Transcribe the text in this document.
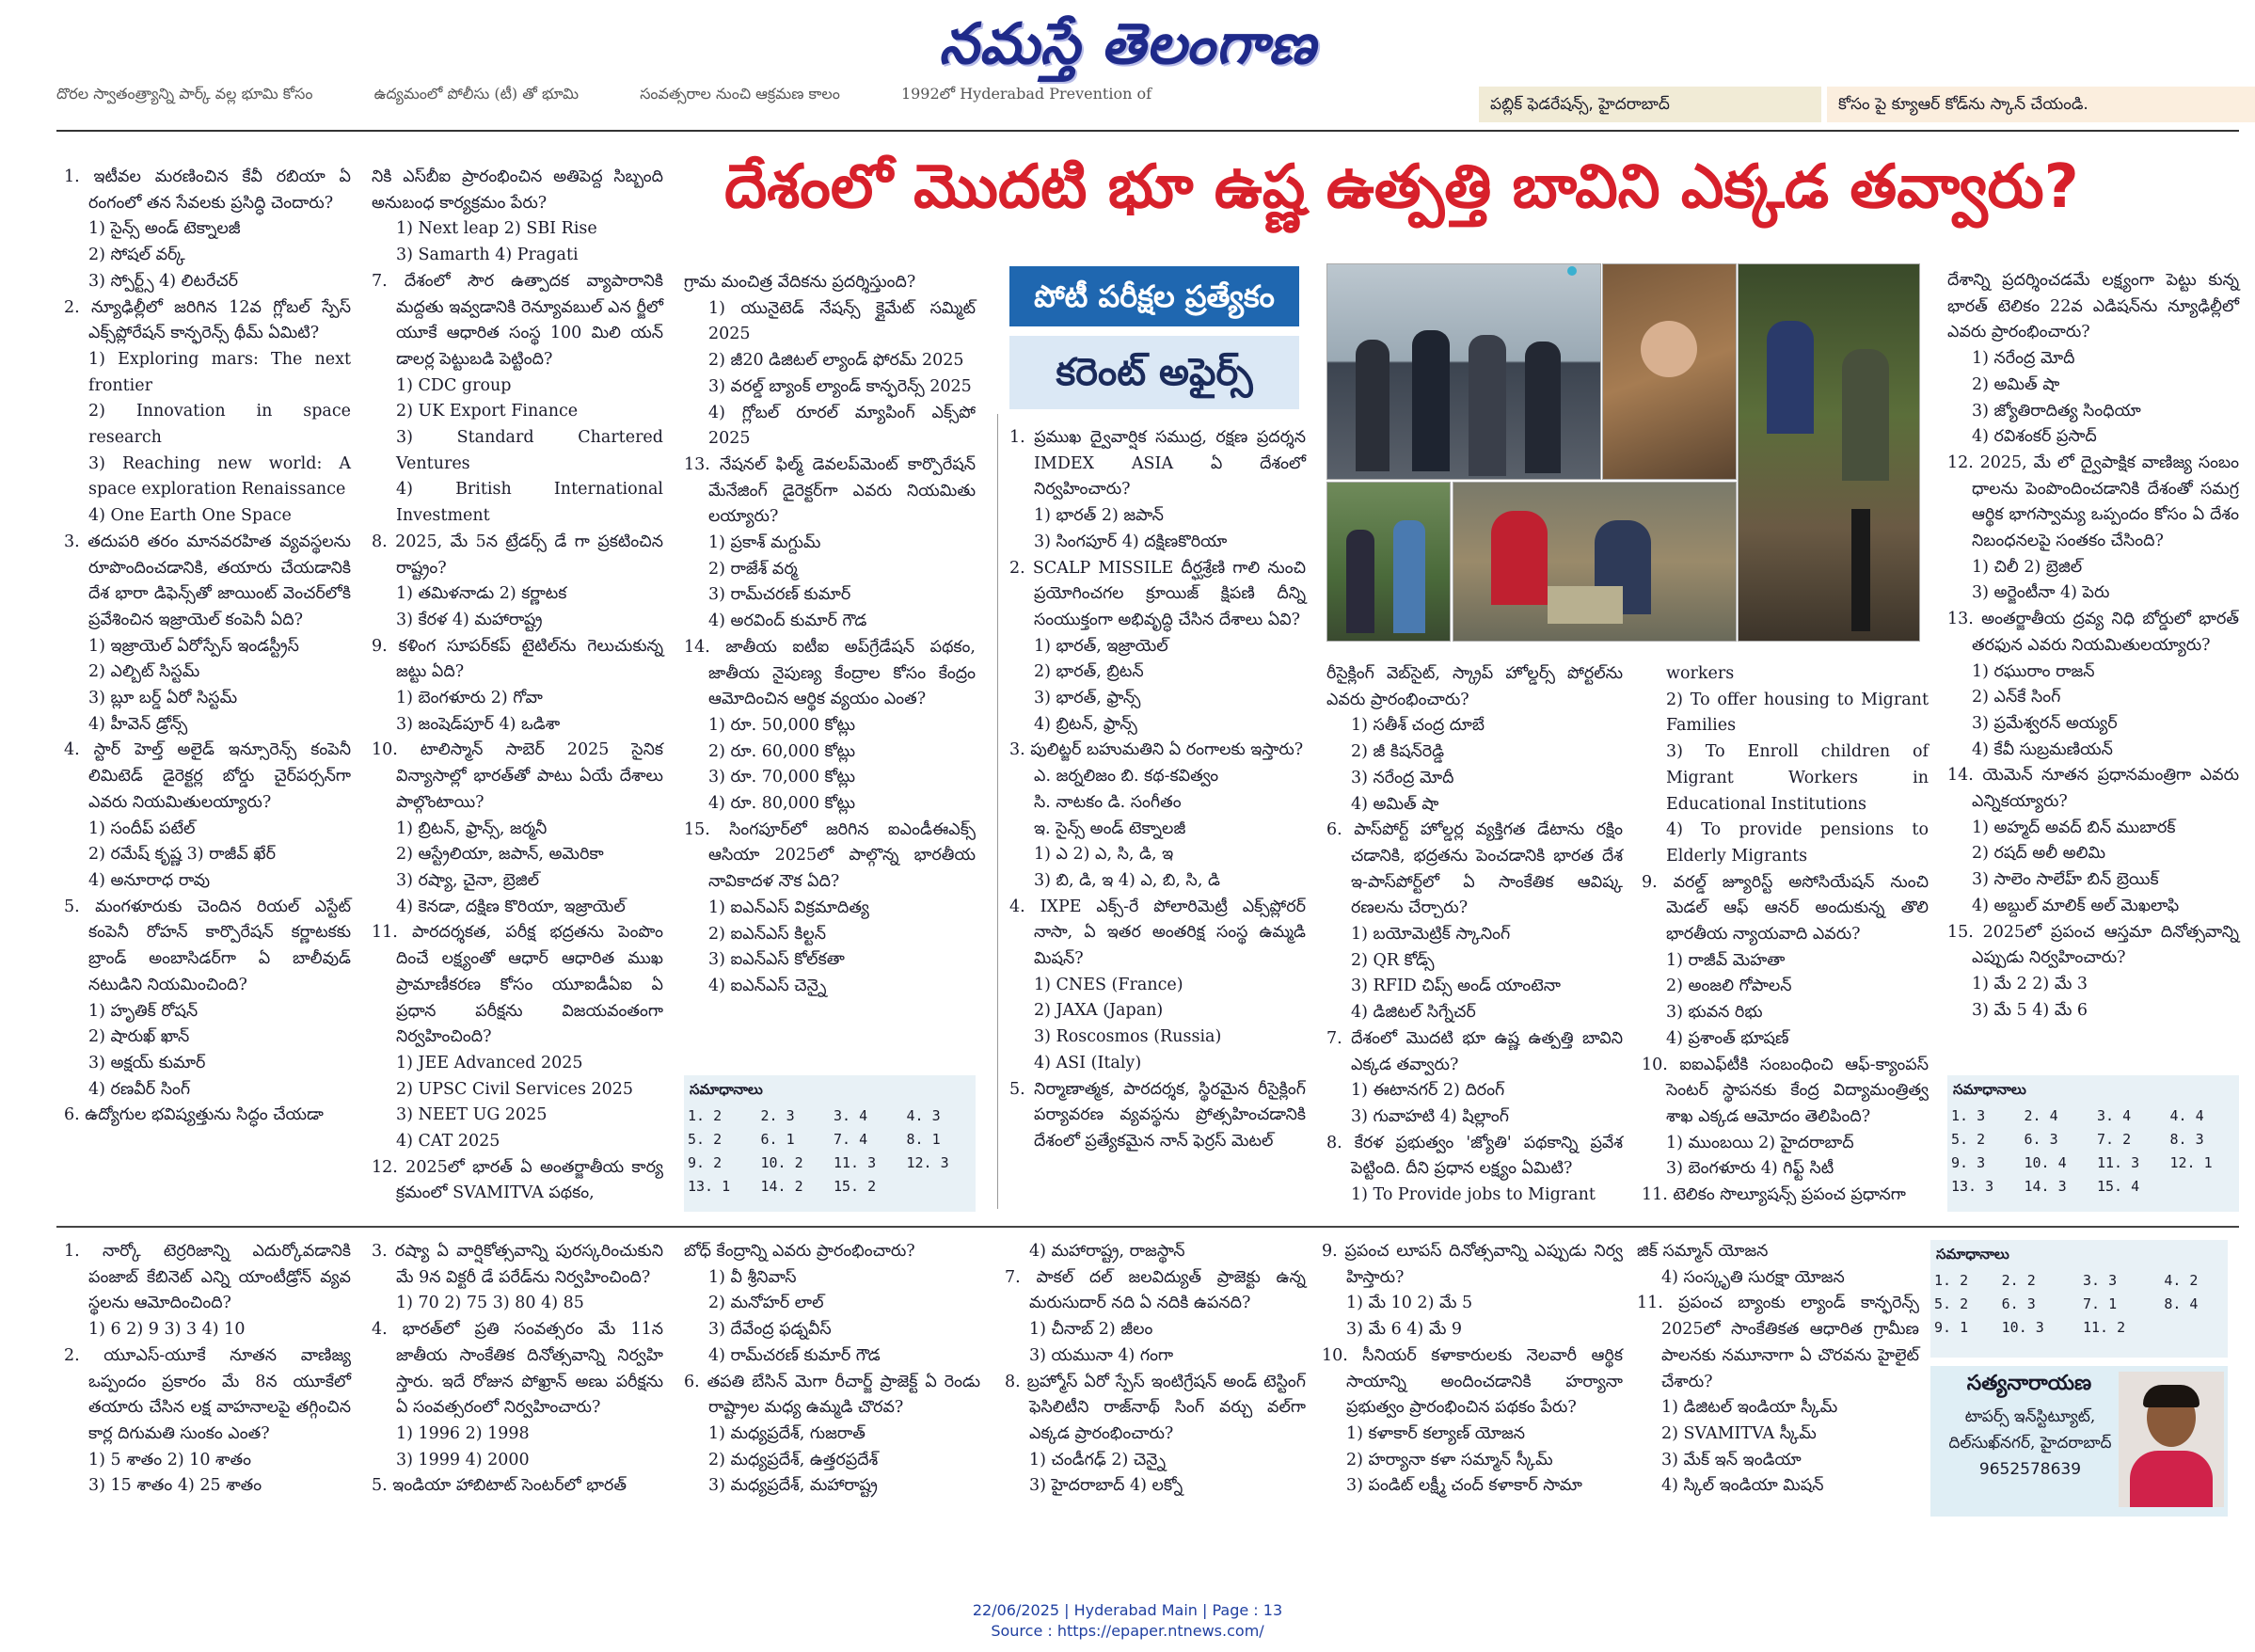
నమస్తే తెలంగాణ
దొరల స్వాతంత్ర్యాన్ని పార్క్ వల్ల భూమి కోసం	ఉద్యమంలో పోలీసు (టీ) తో భూమి	సంవత్సరాల నుంచి ఆక్రమణ కాలం	1992లో Hyderabad Prevention of
పబ్లిక్ ఫెడరేషన్స్, హైదరాబాద్	కోసం పై క్యూఆర్ కోడ్‌ను స్కాన్ చేయండి.
దేశంలో మొదటి భూ ఉష్ణ ఉత్పత్తి బావిని ఎక్కడ తవ్వారు?

1. ఇటీవల మరణించిన కేవీ రబియా ఏ రంగంలో తన సేవలకు ప్రసిద్ధి చెందారు?

1) సైన్స్ అండ్ టెక్నాలజీ

2) సోషల్ వర్క్

3) స్పోర్ట్స్ 4) లిటరేచర్

2. న్యూఢిల్లీలో జరిగిన 12వ గ్లోబల్ స్పేస్ ఎక్స్‌ప్లోరేషన్ కాన్ఫరెన్స్ థీమ్ ఏమిటి?

1) Exploring mars: The next frontier

2) Innovation in space research

3) Reaching new world: A space exploration Renaissance

4) One Earth One Space

3. తదుపరి తరం మానవరహిత వ్యవస్థలను రూపొందించడానికి, తయారు చేయడానికి దేశ భారా డిఫెన్స్‌తో జాయింట్ వెంచర్‌లోకి ప్రవేశించిన ఇజ్రాయెల్ కంపెనీ ఏది?

1) ఇజ్రాయెల్ ఏరోస్పేస్ ఇండస్ట్రీస్

2) ఎల్బిట్ సిస్టమ్

3) బ్లూ బర్డ్ ఏరో సిస్టమ్

4) హీవెన్ డ్రోన్స్

4. స్టార్ హెల్త్ అలైడ్ ఇన్సూరెన్స్ కంపెనీ లిమిటెడ్ డైరెక్టర్ల బోర్డు చైర్‌పర్సన్‌గా ఎవరు నియమితులయ్యారు?

1) సందీప్ పటేల్

2) రమేష్ కృష్ణ 3) రాజీవ్ ఖేర్

4) అనూరాధ రావు

5. మంగళూరుకు చెందిన రియల్ ఎస్టేట్ కంపెనీ రోహన్ కార్పొరేషన్ కర్ణాటకకు బ్రాండ్ అంబాసిడర్‌గా ఏ బాలీవుడ్ నటుడిని నియమించింది?

1) హృతిక్ రోషన్

2) షారుఖ్ ఖాన్

3) అక్షయ్ కుమార్

4) రణవీర్ సింగ్

6. ఉద్యోగుల భవిష్యత్తును సిద్ధం చేయడా

నికి ఎస్‌బీఐ ప్రారంభించిన అతిపెద్ద సిబ్బంది అనుబంధ కార్యక్రమం పేరు?

1) Next leap 2) SBI Rise

3) Samarth 4) Pragati

7. దేశంలో సౌర ఉత్పాదక వ్యాపారానికి మద్దతు ఇవ్వడానికి రెన్యూవబుల్ ఎన ర్జీలో యూకే ఆధారిత సంస్థ 100 మిలి యన్ డాలర్ల పెట్టుబడి పెట్టింది?

1) CDC group

2) UK Export Finance

3) Standard Chartered Ventures

4) British International Investment

8. 2025, మే 5న ట్రేడర్స్ డే గా ప్రకటించిన రాష్ట్రం?

1) తమిళనాడు 2) కర్ణాటక

3) కేరళ 4) మహారాష్ట్ర

9. కళింగ సూపర్‌కప్ టైటిల్‌ను గెలుచుకున్న జట్టు ఏది?

1) బెంగళూరు 2) గోవా

3) జంషెడ్‌పూర్ 4) ఒడిశా

10. టాలిస్మాన్ సాబెర్ 2025 సైనిక విన్యాసాల్లో భారత్‌తో పాటు ఏయే దేశాలు పాల్గొంటాయి?

1) బ్రిటన్, ఫ్రాన్స్, జర్మనీ

2) ఆస్ట్రేలియా, జపాన్, అమెరికా

3) రష్యా, చైనా, బ్రెజిల్

4) కెనడా, దక్షిణ కొరియా, ఇజ్రాయెల్

11. పారదర్శకత, పరీక్ష భద్రతను పెంపొం దించే లక్ష్యంతో ఆధార్ ఆధారిత ముఖ ప్రామాణీకరణ కోసం యూఐడీఏఐ ఏ ప్రధాన పరీక్షను విజయవంతంగా నిర్వహించింది?

1) JEE Advanced 2025

2) UPSC Civil Services 2025

3) NEET UG 2025

4) CAT 2025

12. 2025లో భారత్ ఏ అంతర్జాతీయ కార్య క్రమంలో SVAMITVA పథకం,

గ్రామ మంచిత్ర వేదికను ప్రదర్శిస్తుంది?

1) యునైటెడ్ నేషన్స్ క్లైమేట్ సమ్మిట్ 2025

2) జీ20 డిజిటల్ ల్యాండ్ ఫోరమ్ 2025

3) వరల్డ్ బ్యాంక్ ల్యాండ్ కాన్ఫరెన్స్ 2025

4) గ్లోబల్ రూరల్ మ్యాపింగ్ ఎక్స్‌పో 2025

13. నేషనల్ ఫిల్మ్ డెవలప్‌మెంట్ కార్పొరేషన్ మేనేజింగ్ డైరెక్టర్‌గా ఎవరు నియమితు లయ్యారు?

1) ప్రకాశ్ మగ్దుమ్

2) రాజేశ్ వర్మ

3) రామ్‌చరణ్ కుమార్

4) అరవింద్ కుమార్ గౌడ

14. జాతీయ ఐటీఐ అప్‌గ్రేడేషన్ పథకం, జాతీయ నైపుణ్య కేంద్రాల కోసం కేంద్రం ఆమోదించిన ఆర్థిక వ్యయం ఎంత?

1) రూ. 50,000 కోట్లు

2) రూ. 60,000 కోట్లు

3) రూ. 70,000 కోట్లు

4) రూ. 80,000 కోట్లు

15. సింగపూర్‌లో జరిగిన ఐఎండీఈఎక్స్ ఆసియా 2025లో పాల్గొన్న భారతీయ నావికాదళ నౌక ఏది?

1) ఐఎన్‌ఎస్ విక్రమాదిత్య

2) ఐఎన్‌ఎస్ కిల్టన్

3) ఐఎన్‌ఎస్ కోల్‌కతా

4) ఐఎన్‌ఎస్ చెన్నై

పోటీ పరీక్షల ప్రత్యేకం
కరెంట్ అఫైర్స్

1. ప్రముఖ ద్వైవార్షిక సముద్ర, రక్షణ ప్రదర్శన IMDEX ASIA ఏ దేశంలో నిర్వహించారు?

1) భారత్ 2) జపాన్

3) సింగపూర్ 4) దక్షిణకొరియా

2. SCALP MISSILE దీర్ఘశ్రేణి గాలి నుంచి ప్రయోగించగల క్రూయిజ్ క్షిపణి దీన్ని సంయుక్తంగా అభివృద్ధి చేసిన దేశాలు ఏవి?

1) భారత్, ఇజ్రాయెల్

2) భారత్, బ్రిటన్

3) భారత్, ఫ్రాన్స్

4) బ్రిటన్, ఫ్రాన్స్

3. పులిట్జర్ బహుమతిని ఏ రంగాలకు ఇస్తారు?

ఎ. జర్నలిజం బి. కథ-కవిత్వం

సి. నాటకం డి. సంగీతం

ఇ. సైన్స్ అండ్ టెక్నాలజీ

1) ఎ 2) ఎ, సి, డి, ఇ

3) బి, డి, ఇ 4) ఎ, బి, సి, డి

4. IXPE ఎక్స్-రే పోలారిమెట్రీ ఎక్స్‌ప్లోరర్ నాసా, ఏ ఇతర అంతరిక్ష సంస్థ ఉమ్మడి మిషన్?

1) CNES (France)

2) JAXA (Japan)

3) Roscosmos (Russia)

4) ASI (Italy)

5. నిర్మాణాత్మక, పారదర్శక, స్థిరమైన రీసైక్లింగ్ పర్యావరణ వ్యవస్థను ప్రోత్సహించడానికి దేశంలో ప్రత్యేకమైన నాన్ ఫెర్రస్ మెటల్

రీసైక్లింగ్ వెబ్‌సైట్, స్క్రాప్ హోల్డర్స్ పోర్టల్‌ను ఎవరు ప్రారంభించారు?

1) సతీశ్ చంద్ర దూబే

2) జీ కిషన్‌రెడ్డి

3) నరేంద్ర మోదీ

4) అమిత్ షా

6. పాస్‌పోర్ట్ హోల్డర్ల వ్యక్తిగత డేటాను రక్షిం చడానికి, భద్రతను పెంచడానికి భారత దేశ ఇ-పాస్‌పోర్ట్‌లో ఏ సాంకేతిక ఆవిష్క రణలను చేర్చారు?

1) బయోమెట్రిక్ స్కానింగ్

2) QR కోడ్స్

3) RFID చిప్స్ అండ్ యాంటెనా

4) డిజిటల్ సిగ్నేచర్

7. దేశంలో మొదటి భూ ఉష్ణ ఉత్పత్తి బావిని ఎక్కడ తవ్వారు?

1) ఈటానగర్ 2) దిరంగ్

3) గువాహటి 4) షిల్లాంగ్

8. కేరళ ప్రభుత్వం 'జ్యోతి' పథకాన్ని ప్రవేశ పెట్టింది. దీని ప్రధాన లక్ష్యం ఏమిటి?

1) To Provide jobs to Migrant

workers

2) To offer housing to Migrant Families

3) To Enroll children of Migrant Workers in Educational Institutions

4) To provide pensions to Elderly Migrants

9. వరల్డ్ జ్యూరిస్ట్ అసోసియేషన్ నుంచి మెడల్ ఆఫ్ ఆనర్ అందుకున్న తొలి భారతీయ న్యాయవాది ఎవరు?

1) రాజీవ్ మెహతా

2) అంజలి గోపాలన్

3) భువన రిభు

4) ప్రశాంత్ భూషణ్

10. ఐఐఎఫ్‌టీకి సంబంధించి ఆఫ్-క్యాంపస్ సెంటర్ స్థాపనకు కేంద్ర విద్యామంత్రిత్వ శాఖ ఎక్కడ ఆమోదం తెలిపింది?

1) ముంబయి 2) హైదరాబాద్

3) బెంగళూరు 4) గిఫ్ట్ సిటీ

11. టెలికం సొల్యూషన్స్ ప్రపంచ ప్రధానగా

దేశాన్ని ప్రదర్శించడమే లక్ష్యంగా పెట్టు కున్న భారత్ టెలికం 22వ ఎడిషన్‌ను న్యూఢిల్లీలో ఎవరు ప్రారంభించారు?

1) నరేంద్ర మోదీ

2) అమిత్ షా

3) జ్యోతిరాదిత్య సింధియా

4) రవిశంకర్ ప్రసాద్

12. 2025, మే లో ద్వైపాక్షిక వాణిజ్య సంబం ధాలను పెంపొందించడానికి దేశంతో సమగ్ర ఆర్థిక భాగస్వామ్య ఒప్పందం కోసం ఏ దేశం నిబంధనలపై సంతకం చేసింది?

1) చిలీ 2) బ్రెజిల్

3) అర్జెంటీనా 4) పెరు

13. అంతర్జాతీయ ద్రవ్య నిధి బోర్డులో భారత్ తరఫున ఎవరు నియమితులయ్యారు?

1) రఘురాం రాజన్

2) ఎన్‌కే సింగ్

3) ప్రమేశ్వరన్ అయ్యర్

4) కేవీ సుబ్రమణియన్

14. యెమెన్ నూతన ప్రధానమంత్రిగా ఎవరు ఎన్నికయ్యారు?

1) అహ్మద్ అవద్ బిన్ ముబారక్

2) రషద్ అలీ అలిమి

3) సాలెం సాలేహ్ బిన్ బ్రెయిక్

4) అబ్దుల్ మాలిక్ అల్ మెఖలాఫి

15. 2025లో ప్రపంచ ఆస్తమా దినోత్సవాన్ని ఎప్పుడు నిర్వహించారు?

1) మే 2 2) మే 3

3) మే 5 4) మే 6

సమాధానాలు
1. 2	2. 3	3. 4	4. 3
5. 2	6. 1	7. 4	8. 1
9. 2	10. 2	11. 3	12. 3
13. 1	14. 2	15. 2	
సమాధానాలు
1. 3	2. 4	3. 4	4. 4
5. 2	6. 3	7. 2	8. 3
9. 3	10. 4	11. 3	12. 1
13. 3	14. 3	15. 4	
సమాధానాలు
1. 2	2. 2	3. 3	4. 2
5. 2	6. 3	7. 1	8. 4
9. 1	10. 3	11. 2	

1. నార్కో టెర్రరిజాన్ని ఎదుర్కోవడానికి పంజాబ్ కేబినెట్ ఎన్ని యాంటీడ్రోన్ వ్యవ స్థలను ఆమోదించింది?

1) 6 2) 9 3) 3 4) 10

2. యూఎస్-యూకే నూతన వాణిజ్య ఒప్పందం ప్రకారం మే 8న యూకేలో తయారు చేసిన లక్ష వాహనాలపై తగ్గించిన కార్ల దిగుమతి సుంకం ఎంత?

1) 5 శాతం 2) 10 శాతం

3) 15 శాతం 4) 25 శాతం

3. రష్యా ఏ వార్షికోత్సవాన్ని పురస్కరించుకుని మే 9న విక్టరీ డే పరేడ్‌ను నిర్వహించింది?

1) 70 2) 75 3) 80 4) 85

4. భారత్‌లో ప్రతి సంవత్సరం మే 11న జాతీయ సాంకేతిక దినోత్సవాన్ని నిర్వహి స్తారు. ఇదే రోజున పోఖ్రాన్ అణు పరీక్షను ఏ సంవత్సరంలో నిర్వహించారు?

1) 1996 2) 1998

3) 1999 4) 2000

5. ఇండియా హాబిటాట్ సెంటర్‌లో భారత్

బోధ్ కేంద్రాన్ని ఎవరు ప్రారంభించారు?

1) వీ శ్రీనివాస్

2) మనోహర్ లాల్

3) దేవేంద్ర ఫడ్నవీస్

4) రామ్‌చరణ్ కుమార్ గౌడ

6. తపతి బేసిన్ మెగా రీచార్జ్ ప్రాజెక్ట్ ఏ రెండు రాష్ట్రాల మధ్య ఉమ్మడి చొరవ?

1) మధ్యప్రదేశ్, గుజరాత్

2) మధ్యప్రదేశ్, ఉత్తరప్రదేశ్

3) మధ్యప్రదేశ్, మహారాష్ట్ర

4) మహారాష్ట్ర, రాజస్థాన్

7. పాకల్ దల్ జలవిద్యుత్ ప్రాజెక్టు ఉన్న మరుసుదార్ నది ఏ నదికి ఉపనది?

1) చీనాబ్ 2) జీలం

3) యమునా 4) గంగా

8. బ్రహ్మోస్ ఏరో స్పేస్ ఇంటిగ్రేషన్ అండ్ టెస్టింగ్ ఫెసిలిటీని రాజ్‌నాథ్ సింగ్ వర్చు వల్‌గా ఎక్కడ ప్రారంభించారు?

1) చండీగఢ్ 2) చెన్నై

3) హైదరాబాద్ 4) లక్నో

9. ప్రపంచ లూపస్ దినోత్సవాన్ని ఎప్పుడు నిర్వ హిస్తారు?

1) మే 10 2) మే 5

3) మే 6 4) మే 9

10. సీనియర్ కళాకారులకు నెలవారీ ఆర్థిక సాయాన్ని అందించడానికి హర్యానా ప్రభుత్వం ప్రారంభించిన పథకం పేరు?

1) కళాకార్ కల్యాణ్ యోజన

2) హర్యానా కళా సమ్మాన్ స్కీమ్

3) పండిట్ లక్ష్మీ చంద్ కళాకార్ సామా

జిక్ సమ్మాన్ యోజన

4) సంస్కృతి సురక్షా యోజన

11. ప్రపంచ బ్యాంకు ల్యాండ్ కాన్ఫరెన్స్ 2025లో సాంకేతికత ఆధారిత గ్రామీణ పాలనకు నమూనాగా ఏ చొరవను హైలైట్ చేశారు?

1) డిజిటల్ ఇండియా స్కీమ్

2) SVAMITVA స్కీమ్

3) మేక్ ఇన్ ఇండియా

4) స్కిల్ ఇండియా మిషన్

సత్యనారాయణ
టాపర్స్ ఇన్‌స్టిట్యూట్,
దిల్‌సుఖ్‌నగర్, హైదరాబాద్
9652578639
22/06/2025 | Hyderabad Main | Page : 13
Source : https://epaper.ntnews.com/
